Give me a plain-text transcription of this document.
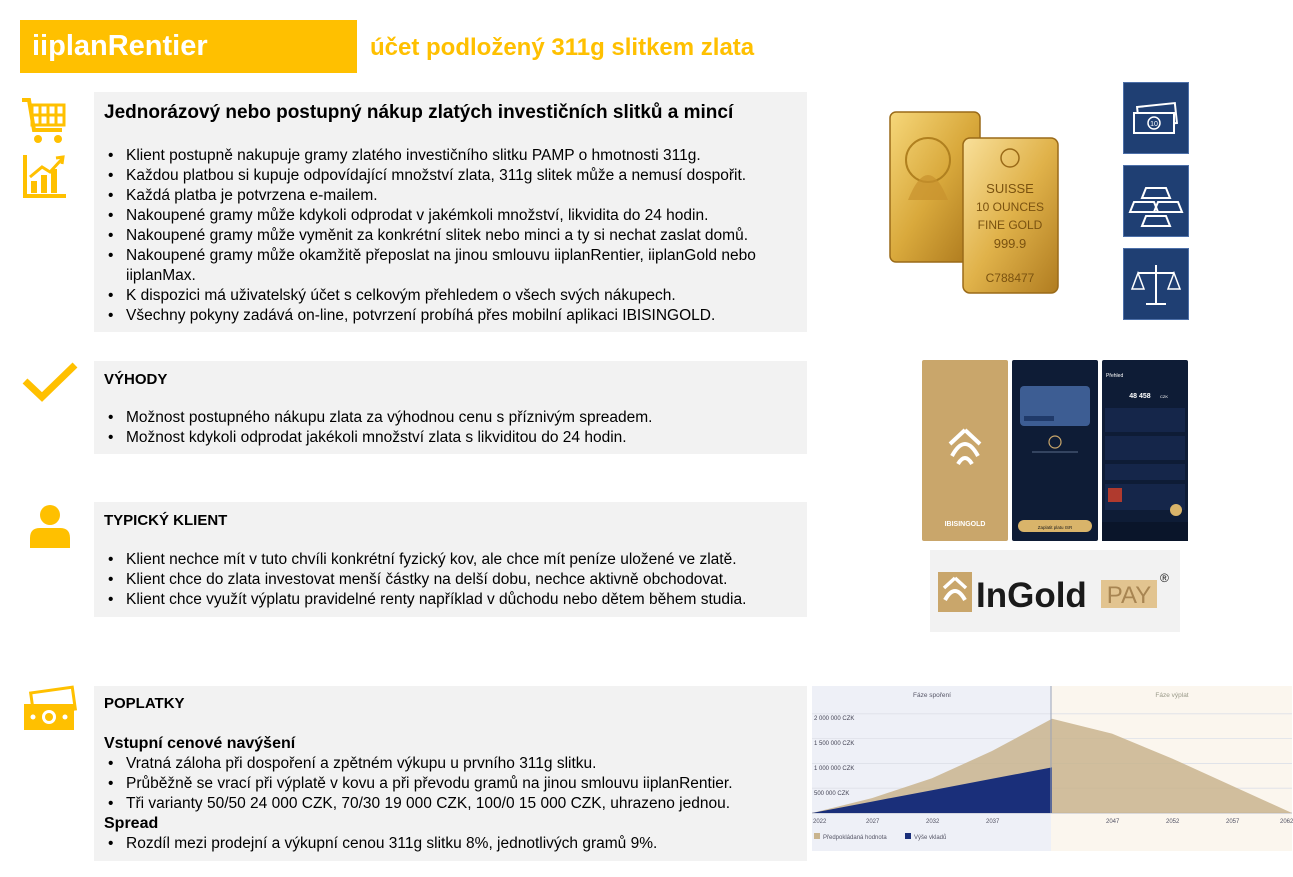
iiplanRentier	účet podložený 311g slitkem zlata
Jednorázový nebo postupný nákup zlatých investičních slitků a mincí
• Klient postupně nakupuje gramy zlatého investičního slitku PAMP o hmotnosti 311g.
• Každou platbou si kupuje odpovídající množství zlata, 311g slitek může a nemusí dospořit.
• Každá platba je potvrzena e-mailem.
• Nakoupené gramy může kdykoli odprodat v jakémkoli množství, likvidita do 24 hodin.
• Nakoupené gramy může vyměnit za konkrétní slitek nebo minci a ty si nechat zaslat domů.
• Nakoupené gramy může okamžitě přeposlat na jinou smlouvu iiplanRentier, iiplanGold nebo iiplanMax.
• K dispozici má uživatelský účet s celkovým přehledem o všech svých nákupech.
• Všechny pokyny zadává on-line, potvrzení probíhá přes mobilní aplikaci IBISINGOLD.
VÝHODY
• Možnost postupného nákupu zlata za výhodnou cenu s příznivým spreadem.
• Možnost kdykoli odprodat jakékoli množství zlata s likviditou do 24 hodin.
TYPICKÝ KLIENT
• Klient nechce mít v tuto chvíli konkrétní fyzický kov, ale chce mít peníze uložené ve zlatě.
• Klient chce do zlata investovat menší částky na delší dobu, nechce aktivně obchodovat.
• Klient chce využít výplatu pravidelné renty například v důchodu nebo dětem během studia.
POPLATKY
Vstupní cenové navýšení
• Vratná záloha při dospoření a zpětném výkupu u prvního 311g slitku.
• Průběžně se vrací při výplatě v kovu a při převodu gramů na jinou smlouvu iiplanRentier.
• Tři varianty 50/50 24 000 CZK, 70/30 19 000 CZK, 100/0 15 000 CZK, uhrazeno jednou.
Spread
• Rozdíl mezi prodejní a výkupní cenou 311g slitku 8%, jednotlivých gramů 9%.
SUISSE
10 OUNCES
FINE GOLD
999.9
C788477
10
IBISINGOLD	Zaplatit platu ISR
Přehled
48 458 CZK
InGold PAY
®
Fáze spoření	Fáze výplat
2 000 000 CZK
1 500 000 CZK
1 000 000 CZK
500 000 CZK
2022	2027	2032	2037	2047	2052	2057	2062
Předpokládaná hodnota	Výše vkladů
